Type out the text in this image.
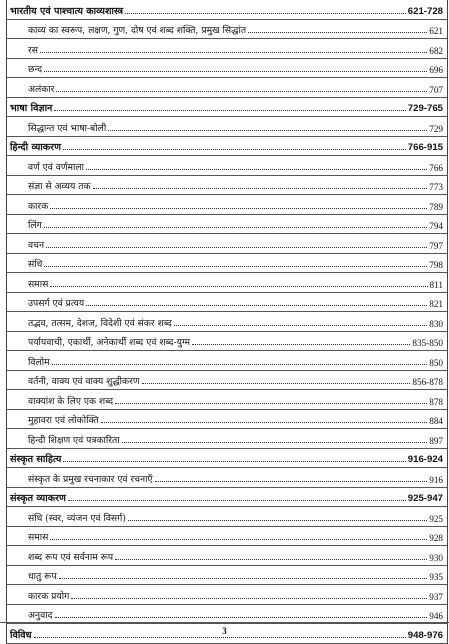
भारतीय एवं पाश्चात्य काव्यशास्त्र	621-728
काव्य का स्वरूप, लक्षण, गुण, दोष एवं शब्द शक्ति, प्रमुख सिद्धांत	621
रस	682
छन्द	696
अलंकार	707
भाषा विज्ञान	729-765
सिद्धान्त एवं भाषा-बोली	729
हिन्दी व्याकरण	766-915
वर्ण एवं वर्णमाला	766
संज्ञा से अव्यय तक	773
कारक	789
लिंग	794
वचन	797
संधि	798
समास	811
उपसर्ग एवं प्रत्यय	821
तद्भव, तत्सम, देशज, विदेशी एवं संकर शब्द	830
पर्यायवाची, एकार्थी, अनेकार्थी शब्द एवं शब्द-युग्म	835-850
विलोम	850
वर्तनी, वाक्य एवं वाक्य शुद्धीकरण	856-878
वाक्यांश के लिए एक शब्द	878
मुहावरा एवं लोकोक्ति	884
हिन्दी शिक्षण एवं पत्रकारिता	897
संस्कृत साहित्य	916-924
संस्कृत के प्रमुख रचनाकार एवं रचनाएँ	916
संस्कृत व्याकरण	925-947
संधि (स्वर, व्यंजन एवं विसर्ग)	925
समास	928
शब्द रूप एवं सर्वनाम रूप	930
धातु रूप	935
कारक प्रयोग	937
अनुवाद	946
विविध	948-976
3
